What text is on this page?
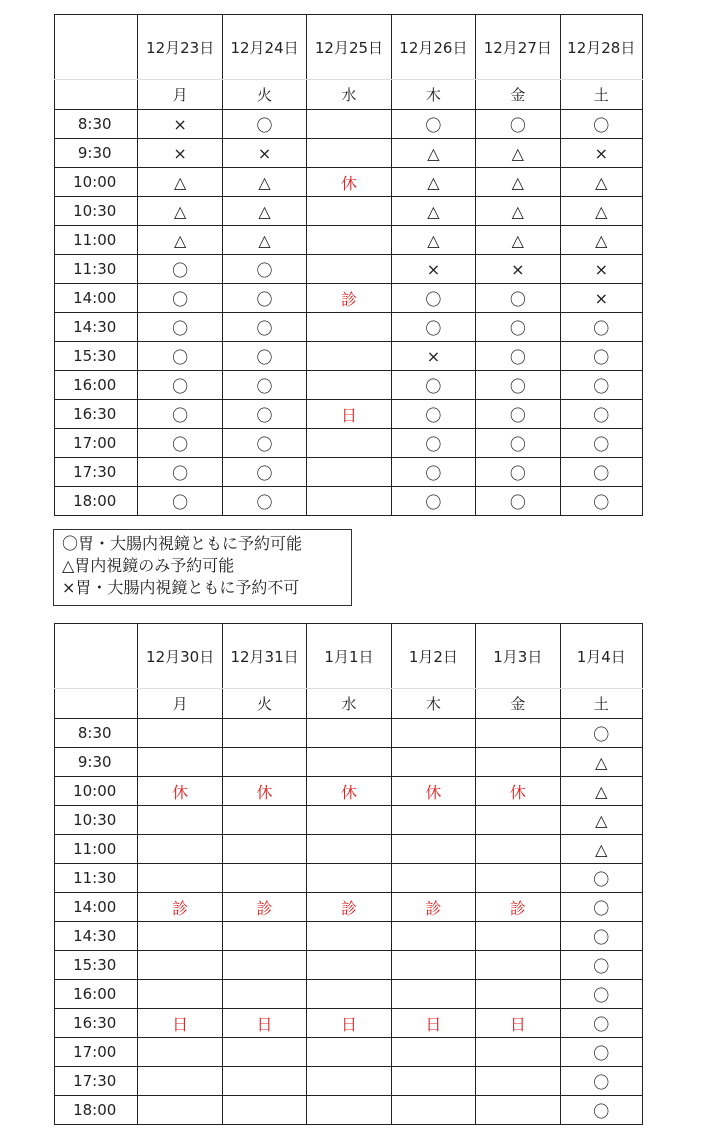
	12月23日	12月24日	12月25日	12月26日	12月27日	12月28日
	月	火	水	木	金	土
8:30	×	〇		〇	〇	〇
9:30	×	×		△	△	×
10:00	△	△	休	△	△	△
10:30	△	△		△	△	△
11:00	△	△		△	△	△
11:30	〇	〇		×	×	×
14:00	〇	〇	診	〇	〇	×
14:30	〇	〇		〇	〇	〇
15:30	〇	〇		×	〇	〇
16:00	〇	〇		〇	〇	〇
16:30	〇	〇	日	〇	〇	〇
17:00	〇	〇		〇	〇	〇
17:30	〇	〇		〇	〇	〇
18:00	〇	〇		〇	〇	〇
〇胃・大腸内視鏡ともに予約可能
△胃内視鏡のみ予約可能
×胃・大腸内視鏡ともに予約不可
	12月30日	12月31日	1月1日	1月2日	1月3日	1月4日
	月	火	水	木	金	土
8:30						〇
9:30						△
10:00	休	休	休	休	休	△
10:30						△
11:00						△
11:30						〇
14:00	診	診	診	診	診	〇
14:30						〇
15:30						〇
16:00						〇
16:30	日	日	日	日	日	〇
17:00						〇
17:30						〇
18:00						〇
